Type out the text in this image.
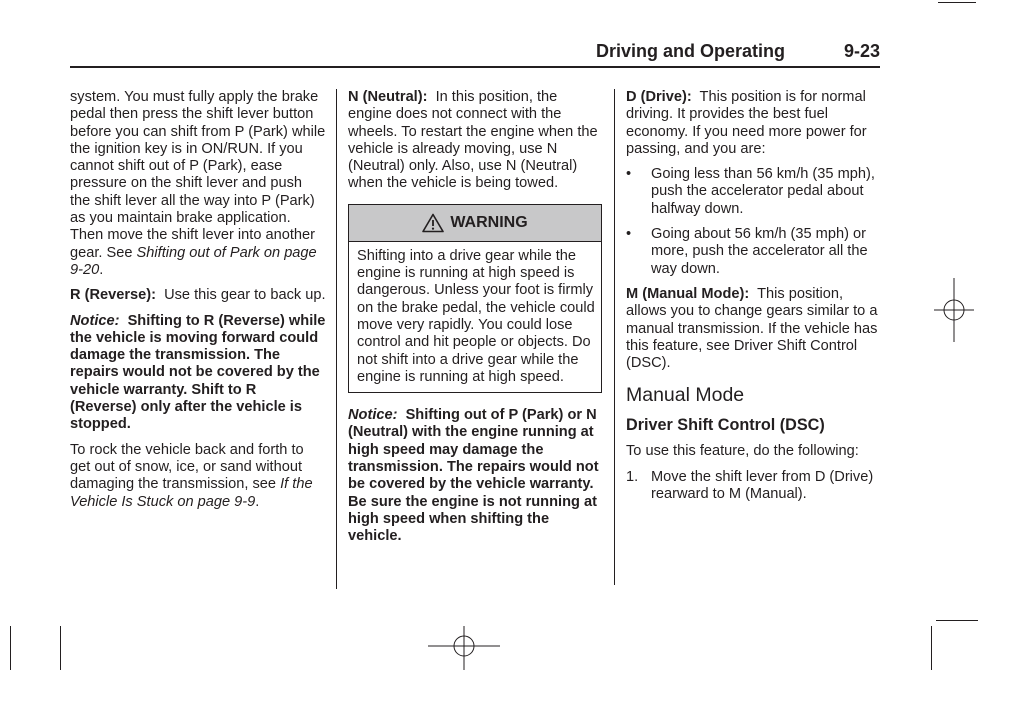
Driving and Operating	9-23

system. You must fully apply the brake pedal then press the shift lever button before you can shift from P (Park) while the ignition key is in ON/RUN. If you cannot shift out of P (Park), ease pressure on the shift lever and push the shift lever all the way into P (Park) as you maintain brake application. Then move the shift lever into another gear. See Shifting out of Park on page 9-20.

R (Reverse): Use this gear to back up.

Notice: Shifting to R (Reverse) while the vehicle is moving forward could damage the transmission. The repairs would not be covered by the vehicle warranty. Shift to R (Reverse) only after the vehicle is stopped.

To rock the vehicle back and forth to get out of snow, ice, or sand without damaging the transmission, see If the Vehicle Is Stuck on page 9-9.

N (Neutral): In this position, the engine does not connect with the wheels. To restart the engine when the vehicle is already moving, use N (Neutral) only. Also, use N (Neutral) when the vehicle is being towed.

WARNING
Shifting into a drive gear while the engine is running at high speed is dangerous. Unless your foot is firmly on the brake pedal, the vehicle could move very rapidly. You could lose control and hit people or objects. Do not shift into a drive gear while the engine is running at high speed.

Notice: Shifting out of P (Park) or N (Neutral) with the engine running at high speed may damage the transmission. The repairs would not be covered by the vehicle warranty. Be sure the engine is not running at high speed when shifting the vehicle.

D (Drive): This position is for normal driving. It provides the best fuel economy. If you need more power for passing, and you are:

• Going less than 56 km/h (35 mph), push the accelerator pedal about halfway down.
• Going about 56 km/h (35 mph) or more, push the accelerator all the way down.

M (Manual Mode): This position, allows you to change gears similar to a manual transmission. If the vehicle has this feature, see Driver Shift Control (DSC).

Manual Mode
Driver Shift Control (DSC)

To use this feature, do the following:

1. Move the shift lever from D (Drive) rearward to M (Manual).
